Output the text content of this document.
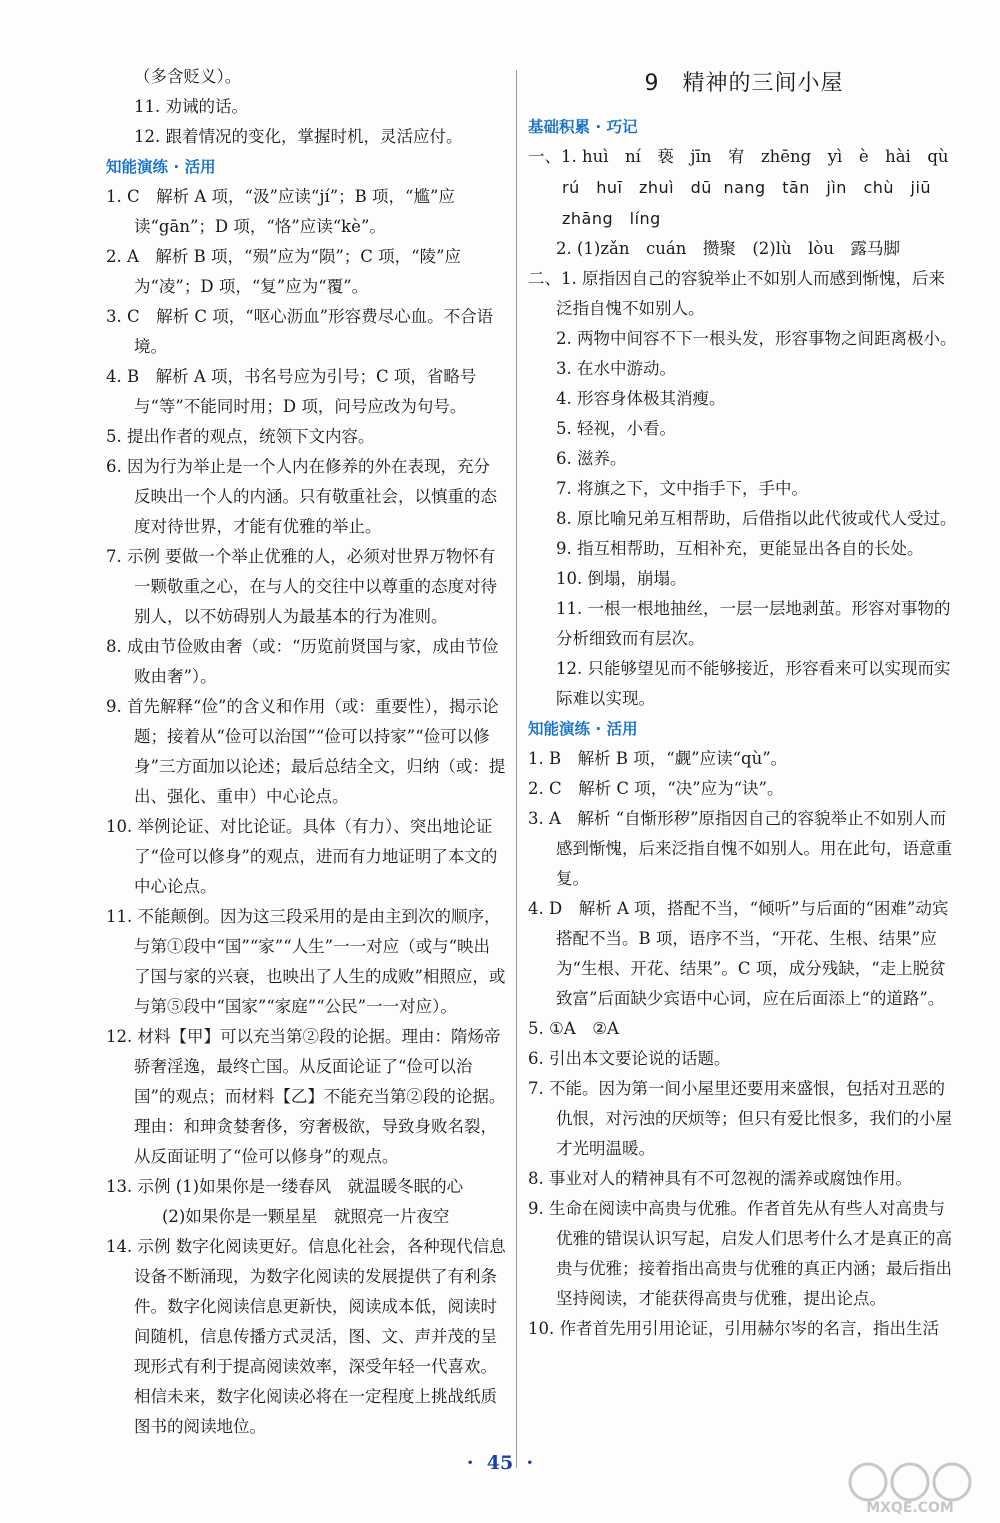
（多含贬义）。

11. 劝诫的话。

12. 跟着情况的变化，掌握时机，灵活应付。

知能演练 · 活用

1. C　解析 A 项，“汲”应读“jí”；B 项，“尴”应读“gān”；D 项，“恪”应读“kè”。

2. A　解析 B 项，“殒”应为“陨”；C 项，“陵”应为“凌”；D 项，“复”应为“覆”。

3. C　解析 C 项，“呕心沥血”形容费尽心血。不合语境。

4. B　解析 A 项，书名号应为引号；C 项，省略号与“等”不能同时用；D 项，问号应改为句号。

5. 提出作者的观点，统领下文内容。

6. 因为行为举止是一个人内在修养的外在表现，充分反映出一个人的内涵。只有敬重社会，以慎重的态度对待世界，才能有优雅的举止。

7. 示例 要做一个举止优雅的人，必须对世界万物怀有一颗敬重之心，在与人的交往中以尊重的态度对待别人，以不妨碍别人为最基本的行为准则。

8. 成由节俭败由奢（或：“历览前贤国与家，成由节俭败由奢”）。

9. 首先解释“俭”的含义和作用（或：重要性），揭示论题；接着从“俭可以治国”“俭可以持家”“俭可以修身”三方面加以论述；最后总结全文，归纳（或：提出、强化、重申）中心论点。

10. 举例论证、对比论证。具体（有力）、突出地论证了“俭可以修身”的观点，进而有力地证明了本文的中心论点。

11. 不能颠倒。因为这三段采用的是由主到次的顺序，与第①段中“国”“家”“人生”一一对应（或与“映出了国与家的兴衰，也映出了人生的成败”相照应，或与第⑤段中“国家”“家庭”“公民”一一对应）。

12. 材料【甲】可以充当第②段的论据。理由：隋炀帝骄奢淫逸，最终亡国。从反面论证了“俭可以治国”的观点；而材料【乙】不能充当第②段的论据。理由：和珅贪婪奢侈，穷奢极欲，导致身败名裂，从反面证明了“俭可以修身”的观点。

13. 示例 (1)如果你是一缕春风　就温暖冬眠的心

(2)如果你是一颗星星　就照亮一片夜空

14. 示例 数字化阅读更好。信息化社会，各种现代信息设备不断涌现，为数字化阅读的发展提供了有利条件。数字化阅读信息更新快，阅读成本低，阅读时间随机，信息传播方式灵活，图、文、声并茂的呈现形式有利于提高阅读效率，深受年轻一代喜欢。相信未来，数字化阅读必将在一定程度上挑战纸质图书的阅读地位。

9　精神的三间小屋

基础积累 · 巧记

一、1. huì　ní　亵　jīn　宥　zhēng　yì　è　hài　qù

rú　huī　zhuì　dū nang　tān　jìn　chù　jiū

zhāng　líng

2. (1)zǎn　cuán　攒聚　(2)lù　lòu　露马脚

二、1. 原指因自己的容貌举止不如别人而感到惭愧，后来泛指自愧不如别人。

2. 两物中间容不下一根头发，形容事物之间距离极小。

3. 在水中游动。

4. 形容身体极其消瘦。

5. 轻视，小看。

6. 滋养。

7. 将旗之下，文中指手下，手中。

8. 原比喻兄弟互相帮助，后借指以此代彼或代人受过。

9. 指互相帮助，互相补充，更能显出各自的长处。

10. 倒塌，崩塌。

11. 一根一根地抽丝，一层一层地剥茧。形容对事物的分析细致而有层次。

12. 只能够望见而不能够接近，形容看来可以实现而实际难以实现。

知能演练 · 活用

1. B　解析 B 项，“觑”应读“qù”。

2. C　解析 C 项，“决”应为“诀”。

3. A　解析 “自惭形秽”原指因自己的容貌举止不如别人而感到惭愧，后来泛指自愧不如别人。用在此句，语意重复。

4. D　解析 A 项，搭配不当，“倾听”与后面的“困难”动宾搭配不当。B 项，语序不当，“开花、生根、结果”应为“生根、开花、结果”。C 项，成分残缺，“走上脱贫致富”后面缺少宾语中心词，应在后面添上“的道路”。

5. ①A　②A

6. 引出本文要论说的话题。

7. 不能。因为第一间小屋里还要用来盛恨，包括对丑恶的仇恨，对污浊的厌烦等；但只有爱比恨多，我们的小屋才光明温暖。

8. 事业对人的精神具有不可忽视的濡养或腐蚀作用。

9. 生命在阅读中高贵与优雅。作者首先从有些人对高贵与优雅的错误认识写起，启发人们思考什么才是真正的高贵与优雅；接着指出高贵与优雅的真正内涵；最后指出坚持阅读，才能获得高贵与优雅，提出论点。

10. 作者首先用引用论证，引用赫尔岑的名言，指出生活

·  45  ·
MXQE.COM
